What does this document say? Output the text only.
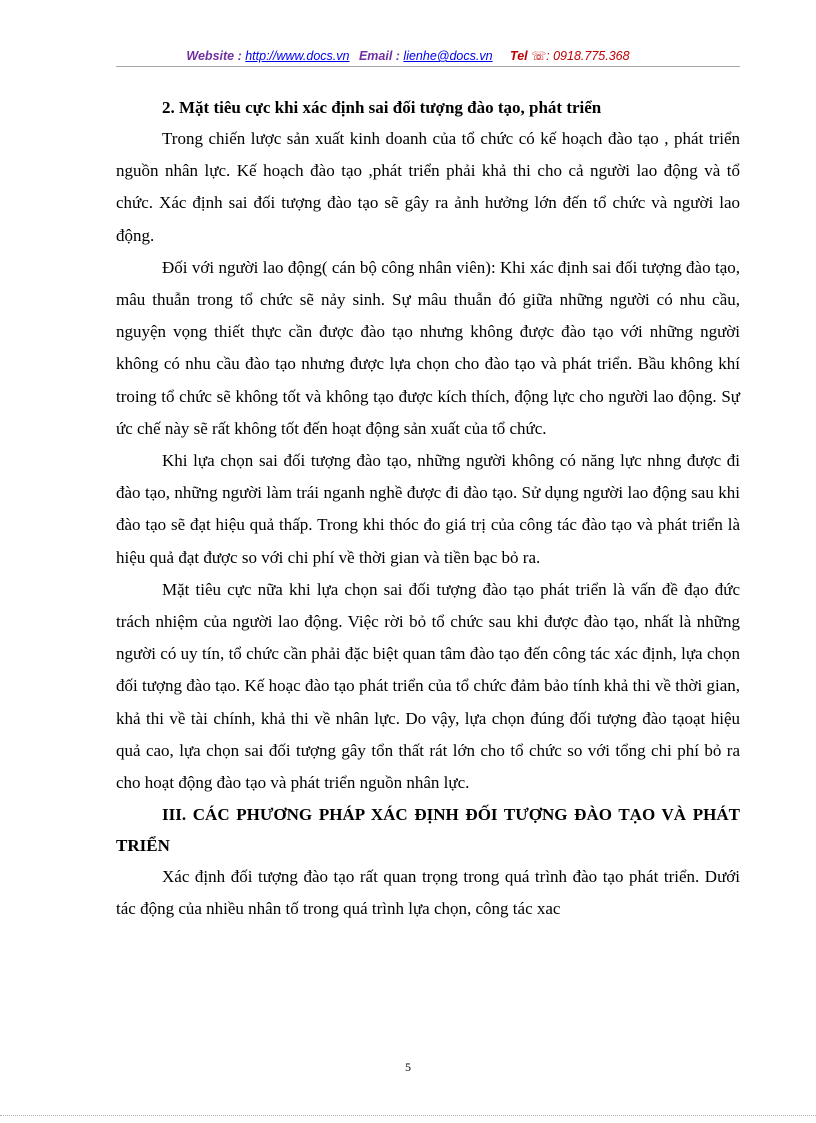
Website : http://www.docs.vn Email : lienhe@docs.vn Tel ☏: 0918.775.368

2. Mặt tiêu cực khi xác định sai đối tượng đào tạo, phát triển

Trong chiến lược sản xuất kinh doanh của tổ chức có kế hoạch đào tạo , phát triển nguồn nhân lực. Kế hoạch đào tạo ,phát triển phải khả thi cho cả người lao động và tổ chức. Xác định sai đối tượng đào tạo sẽ gây ra ảnh hưởng lớn đến tổ chức và người lao động.

Đối với người lao động( cán bộ công nhân viên): Khi xác định sai đối tượng đào tạo, mâu thuẫn trong tổ chức sẽ nảy sinh. Sự mâu thuẫn đó giữa những người có nhu cầu, nguyện vọng thiết thực cần được đào tạo nhưng không được đào tạo với những người không có nhu cầu đào tạo nhưng được lựa chọn cho đào tạo và phát triển. Bầu không khí troing tổ chức sẽ không tốt và không tạo được kích thích, động lực cho người lao động. Sự ức chế này sẽ rất không tốt đến hoạt động sản xuất của tổ chức.

Khi lựa chọn sai đối tượng đào tạo, những người không có năng lực nhng được đi đào tạo, những người làm trái nganh nghề được đi đào tạo. Sử dụng người lao động sau khi đào tạo sẽ đạt hiệu quả thấp. Trong khi thóc đo giá trị của công tác đào tạo và phát triển là hiệu quả đạt được so với chi phí về thời gian và tiền bạc bỏ ra.

Mặt tiêu cực nữa khi lựa chọn sai đối tượng đào tạo phát triển là vấn đề đạo đức trách nhiệm của người lao động. Việc rời bỏ tổ chức sau khi được đào tạo, nhất là những người có uy tín, tổ chức cần phải đặc biệt quan tâm đào tạo đến công tác xác định, lựa chọn đối tượng đào tạo. Kế hoạc đào tạo phát triển của tổ chức đảm bảo tính khả thi về thời gian, khả thi về tài chính, khả thi về nhân lực. Do vậy, lựa chọn đúng đối tượng đào tạoạt hiệu quả cao, lựa chọn sai đối tượng gây tổn thất rát lớn cho tổ chức so với tổng chi phí bỏ ra cho hoạt động đào tạo và phát triển nguồn nhân lực.

III. CÁC PHƯƠNG PHÁP XÁC ĐỊNH ĐỐI TƯỢNG ĐÀO TẠO VÀ PHÁT TRIỂN

Xác định đối tượng đào tạo rất quan trọng trong quá trình đào tạo phát triển. Dưới tác động của nhiều nhân tố trong quá trình lựa chọn, công tác xac

5
